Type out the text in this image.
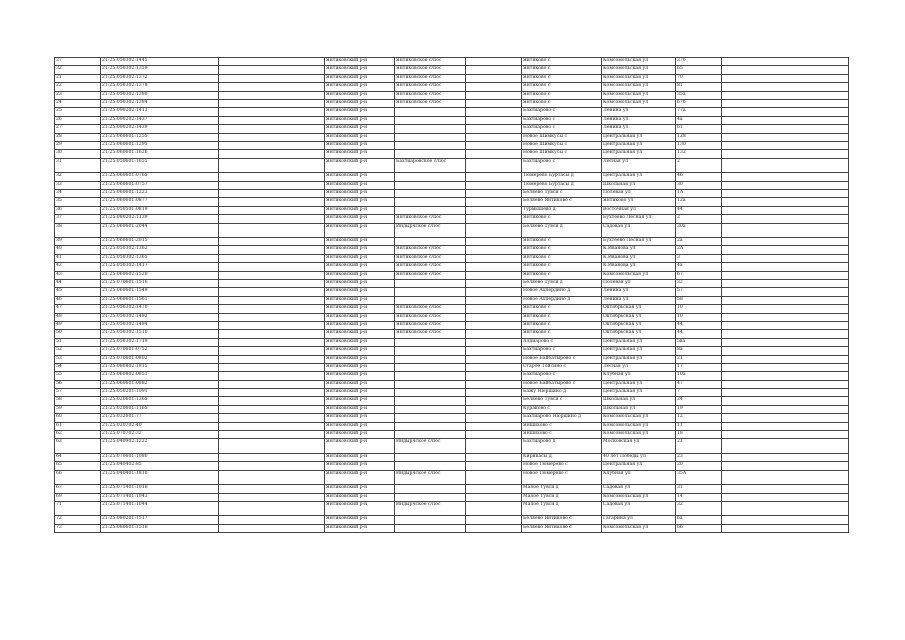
37	21:25:050302:1445		Янтиковский р-н	Янтиковское с/пос		Янтиково с	Комсомольская ул	37б	
32	21:25:050302:1359		Янтиковский р-н	Янтиковское с/пос		Янтиково с	Комсомольская ул	65	
21	21:25:050302:1372		Янтиковский р-н	Янтиковское с/пос		Янтиково с	Комсомольская ул	70	
22	21:25:050302:1378		Янтиковский р-н	Янтиковское с/пос		Янтиково с	Комсомольская ул	81	
23	21:25:050302:1380		Янтиковский р-н	Янтиковское с/пос		Янтиково с	Комсомольская ул	35а	
24	21:25:050302:1384		Янтиковский р-н	Янтиковское с/пос		Янтиково с	Комсомольская ул	67б	
25	21:25:090202:1413		Янтиковский р-н			Бахтиарово с	Ленина ул	77а	
26	21:25:090202:1437		Янтиковский р-н			Бахтиарово с	Ленина ул	4а	
27	21:25:090202:1439		Янтиковский р-н			Бахтиарово с	Ленина ул	61	
28	21:25:060601:1255		Янтиковский р-н			Новое Шимкусы с	Центральная ул	128	
29	21:25:060601:1295		Янтиковский р-н			Новое Шимкусы с	Центральная ул	130	
30	21:25:060601:1626		Янтиковский р-н			Новое Шимкусы с	Центральная ул	132	
31	21:25:050601:1655		Янтиковский р-н	Бахтиаровское с/пос		Бахтиарово с	Лесная ул	2	
32	21:25:060601:0765		Янтиковский р-н			Тюмерево Буртасы д	Центральная ул	46	
33	21:25:060601:0757		Янтиковский р-н			Тюмерево Буртасы д	Школьная ул	30	
34	21:25:060601:1223		Янтиковский р-н			Беляево Тувси с	Полевая ул	1А	
35	21:25:060601:0877		Янтиковский р-н			Беляево Янтиково с	Янтиково ул	12а	
36	21:25:050501:0819		Янтиковский р-н			Турмышево д	Восточная ул	44	
37	21:25:080202:1139		Янтиковский р-н	Янтиковское с/пос		Янтиково с	Бухтеево Лесная ул	2	
38	21:25:060601:2044		Янтиковский р-н	Индырчское с/пос		Беляево Тувси д	Садовая ул	30а	
39	21:25:060601:2015		Янтиковский р-н			Янтиково с	Бухтеево Лесная ул	2а	
40	21:25:050302:1362		Янтиковский р-н	Янтиковское с/пос		Янтиково с	К.Иванова ул	2А	
41	21:25:050302:1365		Янтиковский р-н	Янтиковское с/пос		Янтиково с	К.Иванова ул	3	
42	21:25:050302:1417		Янтиковский р-н	Янтиковское с/пос		Янтиково с	К.Иванова ул	4а	
43	21:25:060602:1520		Янтиковский р-н	Янтиковское с/пос		Янтиково с	Комсомольская ул	67	
44	21:25:070601:1516		Янтиковский р-н			Беляево Тувси д	Полевая ул	32	
45	21:25:060601:1549		Янтиковский р-н			Новое Ахпердино д	Ленина ул	57	
46	21:25:060601:1561		Янтиковский р-н			Новое Ахпердино д	Ленина ул	58	
47	21:25:050302:1470		Янтиковский р-н	Янтиковское с/пос		Янтиково с	Октябрьская ул	10	
48	21:25:050302:1482		Янтиковский р-н	Янтиковское с/пос		Янтиково с	Октябрьская ул	10	
49	21:25:050302:1484		Янтиковский р-н	Янтиковское с/пос		Янтиково с	Октябрьская ул	44	
50	21:25:050302:1510		Янтиковский р-н	Янтиковское с/пос		Янтиково с	Октябрьская ул	44	
51	21:25:050302:1719		Янтиковский р-н			Алдиарово с	Центральная ул	5ва	
52	21:25:070601:0752		Янтиковский р-н			Бахтиарово с	Центральная ул	8а	
53	21:25:070601:0802		Янтиковский р-н			Новое Байбатырово с	Центральная ул	21	
54	21:25:080802:1815		Янтиковский р-н			Старое Тойсино с	Лесная ул	17	
55	21:25:060802:0851		Янтиковский р-н			Бахтиарово с	Клубная ул	10а	
56	21:25:060601:0882		Янтиковский р-н			Новое Байбатырово с	Центральная ул	47	
57	21:25:050201:1091		Янтиковский р-н			Бажу Нюршино д	Центральная ул	7	
58	21:25:020601:1365		Янтиковский р-н			Беляево Тувси с	Школьная ул	24	
59	21:25:020601:1165		Янтиковский р-н			Кураково с	Школьная ул	19	
60	21:25:032601:77		Янтиковский р-н			Бахтиарово Нюршино д	Комсомольская ул	12	
61	21:25:020702:40		Янтиковский р-н			Яншихово с	Комсомольская ул	11	
62	21:25:070702:32		Янтиковский р-н			Яншихово с	Комсомольская ул	18	
63	21:25:040902:1222		Янтиковский р-н	Индырчское с/пос		Бахтиарово д	Московская ул	21	
64	21:25:070601:1080		Янтиковский р-н			Кирикасы д	40 лет Победы ул	23	
65	21:25:040402:85		Янтиковский р-н			Новое Тюмерево с	Центральная ул	20	
66	21:25:040401:1810		Янтиковский р-н	Индырчское с/пос		Новое Тюмерево с	Клубная ул	35А	
67	21:25:071401:1016		Янтиковский р-н			Малое Тувси д	Садовая ул	31	
69	21:25:071401:1043		Янтиковский р-н			Малое Тувси д	Комсомольская ул	14	
71	21:25:071401:1044		Янтиковский р-н	Индырчское с/пос		Малое Тувси д	Садовая ул	32	
72	21:25:080201:1517		Янтиковский р-н			Беляево Янтиково с	Гагарина ул	6а	
73	21:25:080601:1516		Янтиковский р-н			Беляево Янтиково с	Комсомольская ул	66	
